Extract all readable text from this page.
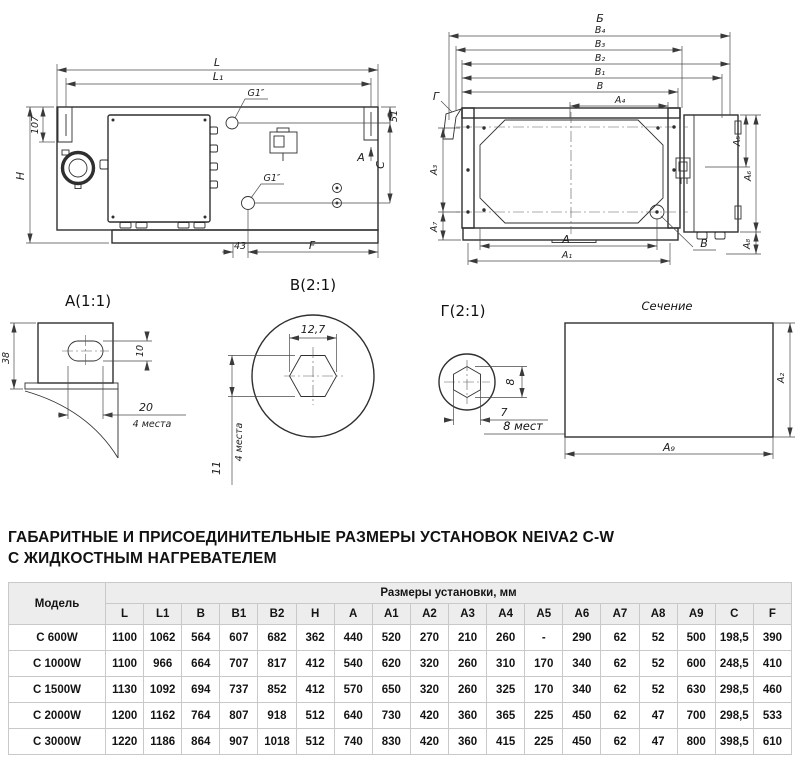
L
L₁
G1″
G1″
107
H
51
C
А
43	F
Б
В₄
В₃
В₂
В₁
В
А₄
Г
А₃
А₇
А₅
А₆
А₈
А
А₁
В
А(1:1)
38
10
20
4 места
В(2:1)
12,7
4 места
11
Г(2:1)
8
7
8 мест
Сечение
А₂
А₉
ГАБАРИТНЫЕ И ПРИСОЕДИНИТЕЛЬНЫЕ РАЗМЕРЫ УСТАНОВОК NEIVA2 C-W
С ЖИДКОСТНЫМ НАГРЕВАТЕЛЕМ
Модель	Размеры установки, мм																	
	L	L1	B	B1	B2	H	A	A1	A2	A3	A4	A5	A6	A7	A8	A9	C	F
С 600W	1100	1062	564	607	682	362	440	520	270	210	260	-	290	62	52	500	198,5	390
С 1000W	1100	966	664	707	817	412	540	620	320	260	310	170	340	62	52	600	248,5	410
С 1500W	1130	1092	694	737	852	412	570	650	320	260	325	170	340	62	52	630	298,5	460
С 2000W	1200	1162	764	807	918	512	640	730	420	360	365	225	450	62	47	700	298,5	533
С 3000W	1220	1186	864	907	1018	512	740	830	420	360	415	225	450	62	47	800	398,5	610
